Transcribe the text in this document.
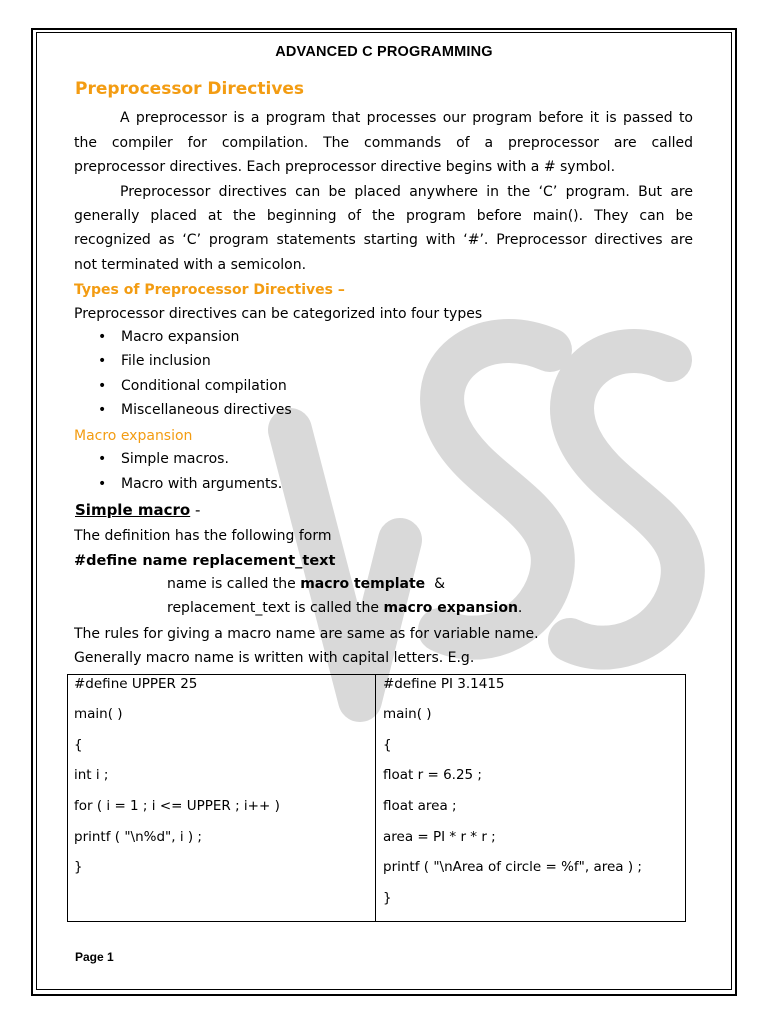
ADVANCED C PROGRAMMING
Preprocessor Directives
A preprocessor is a program that processes our program before it is passed to
the compiler for compilation. The commands of a preprocessor are called
preprocessor directives. Each preprocessor directive begins with a # symbol.
Preprocessor directives can be placed anywhere in the ‘C’ program. But are
generally placed at the beginning of the program before main(). They can be
recognized as ‘C’ program statements starting with ‘#’. Preprocessor directives are
not terminated with a semicolon.
Types of Preprocessor Directives –
Preprocessor directives can be categorized into four types
• Macro expansion
• File inclusion
• Conditional compilation
• Miscellaneous directives
Macro expansion
• Simple macros.
• Macro with arguments.
Simple macro -
The definition has the following form
#define name replacement_text
name is called the macro template  &
replacement_text is called the macro expansion.
The rules for giving a macro name are same as for variable name.
Generally macro name is written with capital letters. E.g.
#define UPPER 25
main( )
{
int i ;
for ( i = 1 ; i <= UPPER ; i++ )
printf ( "\n%d", i ) ;
}
#define PI 3.1415
main( )
{
float r = 6.25 ;
float area ;
area = PI * r * r ;
printf ( "\nArea of circle = %f", area ) ;
}
Page 1
